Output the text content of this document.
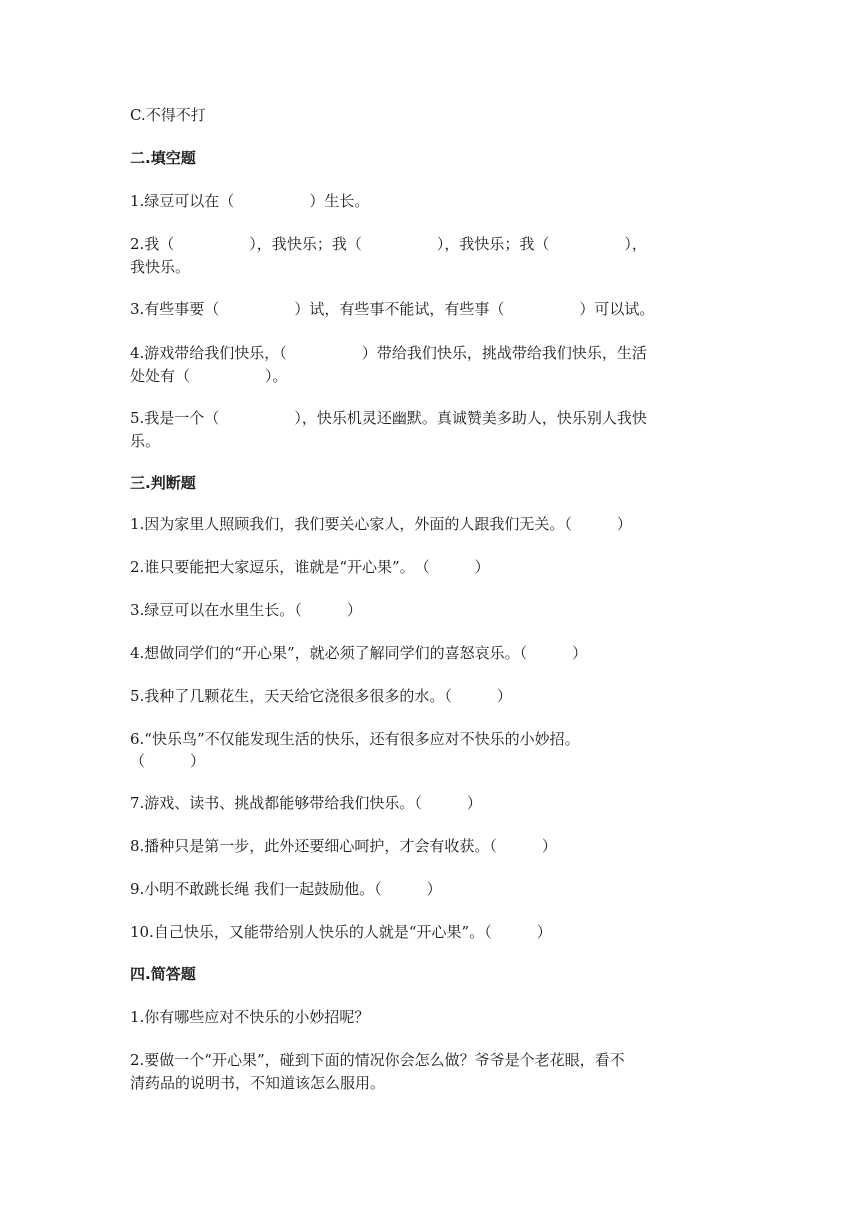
C.不得不打
二.填空题
1.绿豆可以在（　　　　　）生长。
2.我（　　　　　），我快乐；我（　　　　　），我快乐；我（　　　　　），
我快乐。
3.有些事要（　　　　　）试，有些事不能试，有些事（　　　　　）可以试。
4.游戏带给我们快乐，（　　　　　）带给我们快乐，挑战带给我们快乐，生活
处处有（　　　　　）。
5.我是一个（　　　　　），快乐机灵还幽默。真诚赞美多助人，快乐别人我快
乐。
三.判断题
1.因为家里人照顾我们，我们要关心家人，外面的人跟我们无关。（　　　）
2.谁只要能把大家逗乐，谁就是“开心果”。　（　　　）
3.绿豆可以在水里生长。（　　　）
4.想做同学们的“开心果”，就必须了解同学们的喜怒哀乐。（　　　）
5.我种了几颗花生，天天给它浇很多很多的水。（　　　）
6.“快乐鸟”不仅能发现生活的快乐，还有很多应对不快乐的小妙招。
（　　　）
7.游戏、读书、挑战都能够带给我们快乐。（　　　）
8.播种只是第一步，此外还要细心呵护，才会有收获。（　　　）
9.小明不敢跳长绳 我们一起鼓励他。（　　　）
10.自己快乐，又能带给别人快乐的人就是“开心果”。（　　　）
四.简答题
1.你有哪些应对不快乐的小妙招呢？
2.要做一个“开心果”，碰到下面的情况你会怎么做？爷爷是个老花眼，看不
清药品的说明书，不知道该怎么服用。
